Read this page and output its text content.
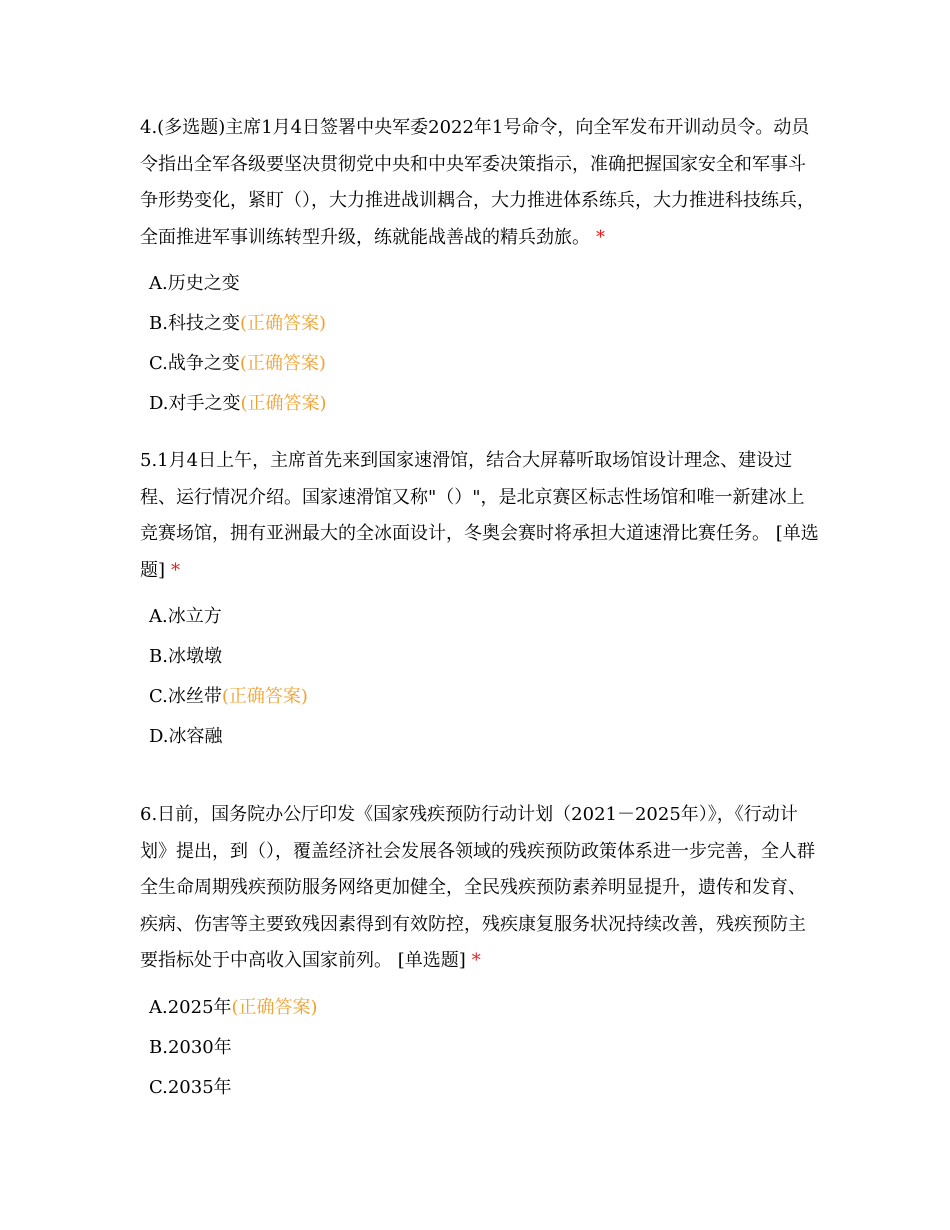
4.(多选题)主席1月4日签署中央军委2022年1号命令，向全军发布开训动员令。动员令指出全军各级要坚决贯彻党中央和中央军委决策指示，准确把握国家安全和军事斗争形势变化，紧盯（），大力推进战训耦合，大力推进体系练兵，大力推进科技练兵，全面推进军事训练转型升级，练就能战善战的精兵劲旅。 *

A.历史之变
B.科技之变(正确答案)
C.战争之变(正确答案)
D.对手之变(正确答案)

5.1月4日上午，主席首先来到国家速滑馆，结合大屏幕听取场馆设计理念、建设过程、运行情况介绍。国家速滑馆又称"（）"，是北京赛区标志性场馆和唯一新建冰上竞赛场馆，拥有亚洲最大的全冰面设计，冬奥会赛时将承担大道速滑比赛任务。 [单选题] *

A.冰立方
B.冰墩墩
C.冰丝带(正确答案)
D.冰容融

6.日前，国务院办公厅印发《国家残疾预防行动计划（2021－2025年）》，《行动计划》提出，到（），覆盖经济社会发展各领域的残疾预防政策体系进一步完善，全人群全生命周期残疾预防服务网络更加健全，全民残疾预防素养明显提升，遗传和发育、疾病、伤害等主要致残因素得到有效防控，残疾康复服务状况持续改善，残疾预防主要指标处于中高收入国家前列。 [单选题] *

A.2025年(正确答案)
B.2030年
C.2035年
